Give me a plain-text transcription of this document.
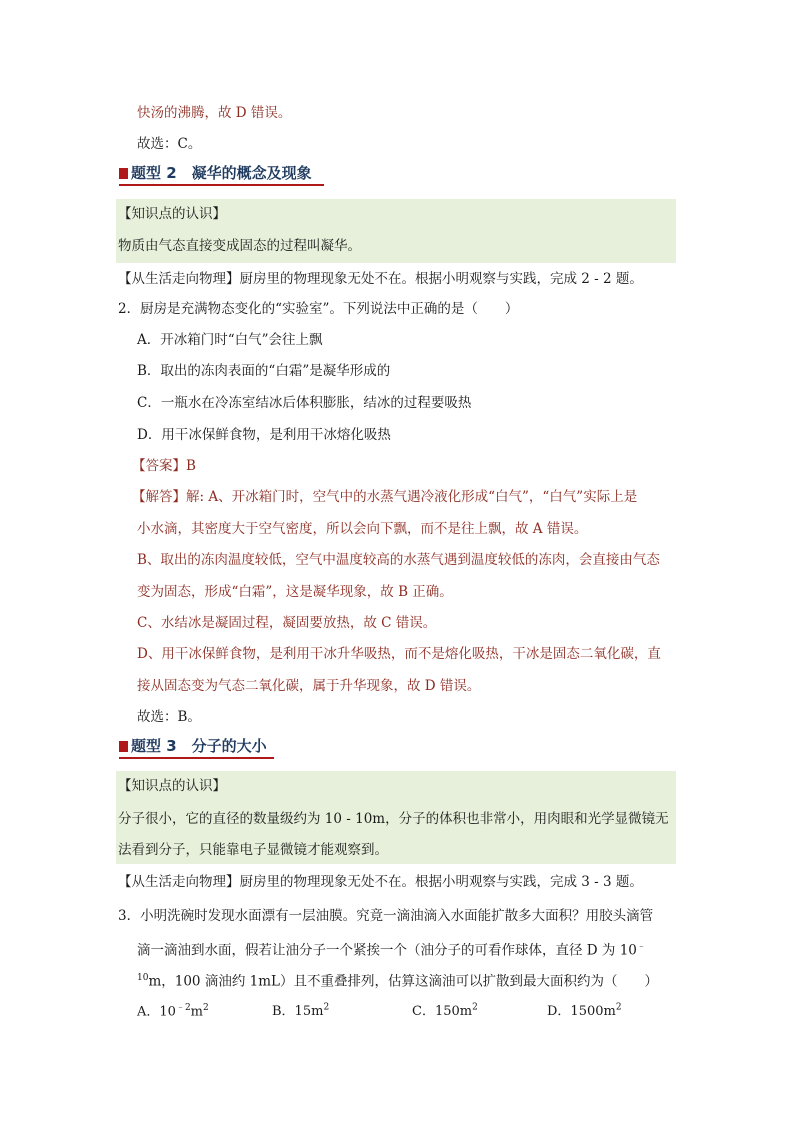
快汤的沸腾，故 D 错误。
故选：C。
题型 2　凝华的概念及现象
【知识点的认识】
物质由气态直接变成固态的过程叫凝华。
【从生活走向物理】厨房里的物理现象无处不在。根据小明观察与实践，完成 2 - 2 题。
2．厨房是充满物态变化的“实验室”。下列说法中正确的是（　　）
A．开冰箱门时“白气”会往上飘
B．取出的冻肉表面的“白霜”是凝华形成的
C．一瓶水在冷冻室结冰后体积膨胀，结冰的过程要吸热
D．用干冰保鲜食物，是利用干冰熔化吸热
【答案】B
【解答】解: A、开冰箱门时，空气中的水蒸气遇冷液化形成“白气”，“白气”实际上是
小水滴，其密度大于空气密度，所以会向下飘，而不是往上飘，故 A 错误。
B、取出的冻肉温度较低，空气中温度较高的水蒸气遇到温度较低的冻肉，会直接由气态
变为固态，形成“白霜”，这是凝华现象，故 B 正确。
C、水结冰是凝固过程，凝固要放热，故 C 错误。
D、用干冰保鲜食物，是利用干冰升华吸热，而不是熔化吸热，干冰是固态二氧化碳，直
接从固态变为气态二氧化碳，属于升华现象，故 D 错误。
故选：B。
题型 3　分子的大小
【知识点的认识】
分子很小，它的直径的数量级约为 10 - 10m，分子的体积也非常小，用肉眼和光学显微镜无
法看到分子，只能靠电子显微镜才能观察到。
【从生活走向物理】厨房里的物理现象无处不在。根据小明观察与实践，完成 3 - 3 题。
3．小明洗碗时发现水面漂有一层油膜。究竟一滴油滴入水面能扩散多大面积？用胶头滴管
滴一滴油到水面，假若让油分子一个紧挨一个（油分子的可看作球体，直径 D 为 10﹣
$^{10}$m，100 滴油约 1mL）且不重叠排列，估算这滴油可以扩散到最大面积约为（　　）
A．$10^{﹣2}m^2$	B．$15m^2$	C．$150m^2$	D．$1500m^2$
